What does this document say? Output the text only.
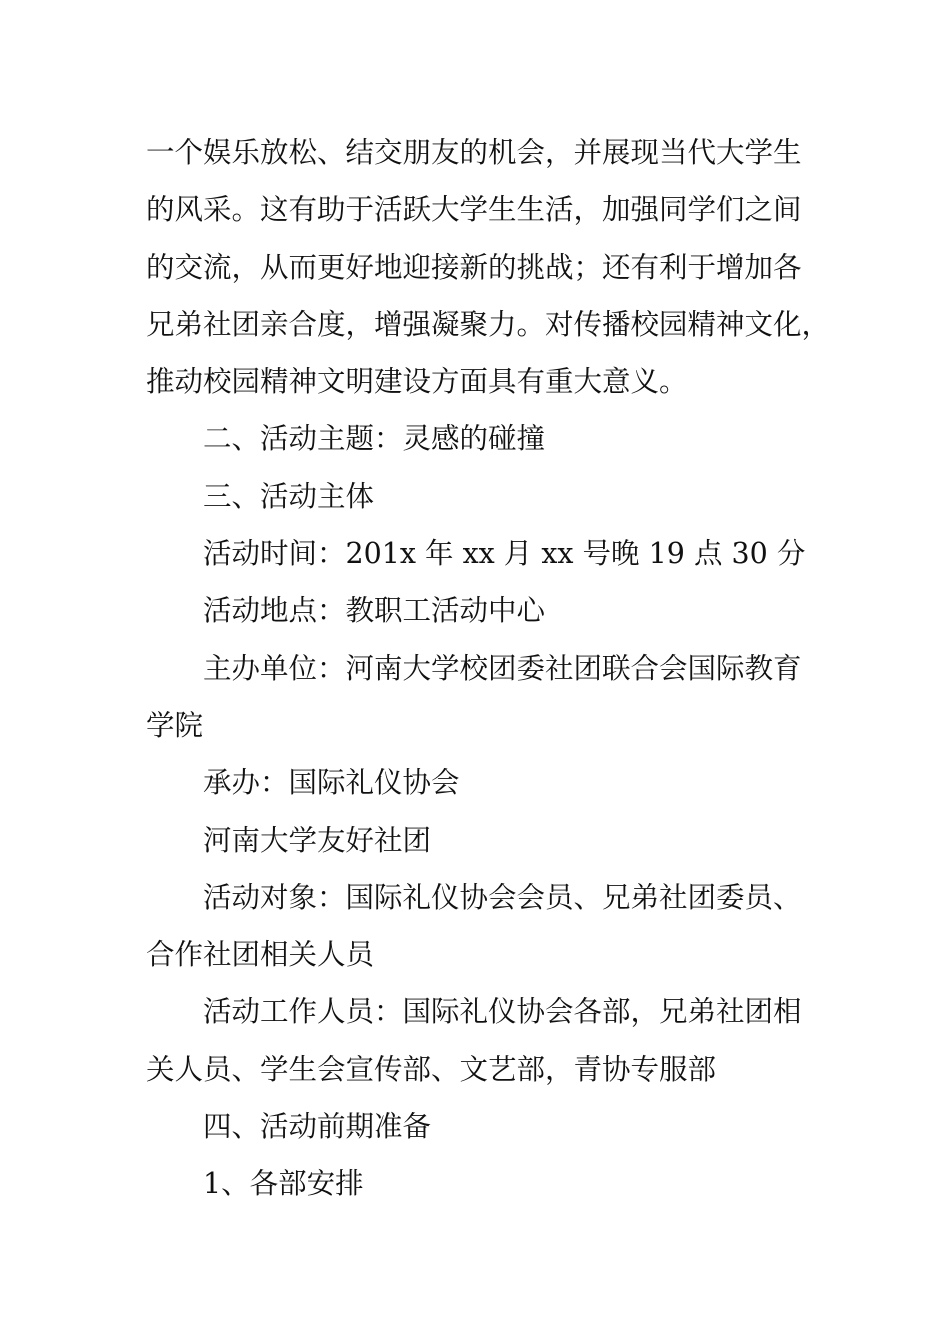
一个娱乐放松、结交朋友的机会，并展现当代大学生

的风采。这有助于活跃大学生生活，加强同学们之间

的交流，从而更好地迎接新的挑战；还有利于增加各

兄弟社团亲合度，增强凝聚力。对传播校园精神文化，

推动校园精神文明建设方面具有重大意义。

二、活动主题：灵感的碰撞

三、活动主体

活动时间：201x 年 xx 月 xx 号晚 19 点 30 分

活动地点：教职工活动中心

主办单位：河南大学校团委社团联合会国际教育

学院

承办：国际礼仪协会

河南大学友好社团

活动对象：国际礼仪协会会员、兄弟社团委员、

合作社团相关人员

活动工作人员：国际礼仪协会各部，兄弟社团相

关人员、学生会宣传部、文艺部，青协专服部

四、活动前期准备

1、各部安排
